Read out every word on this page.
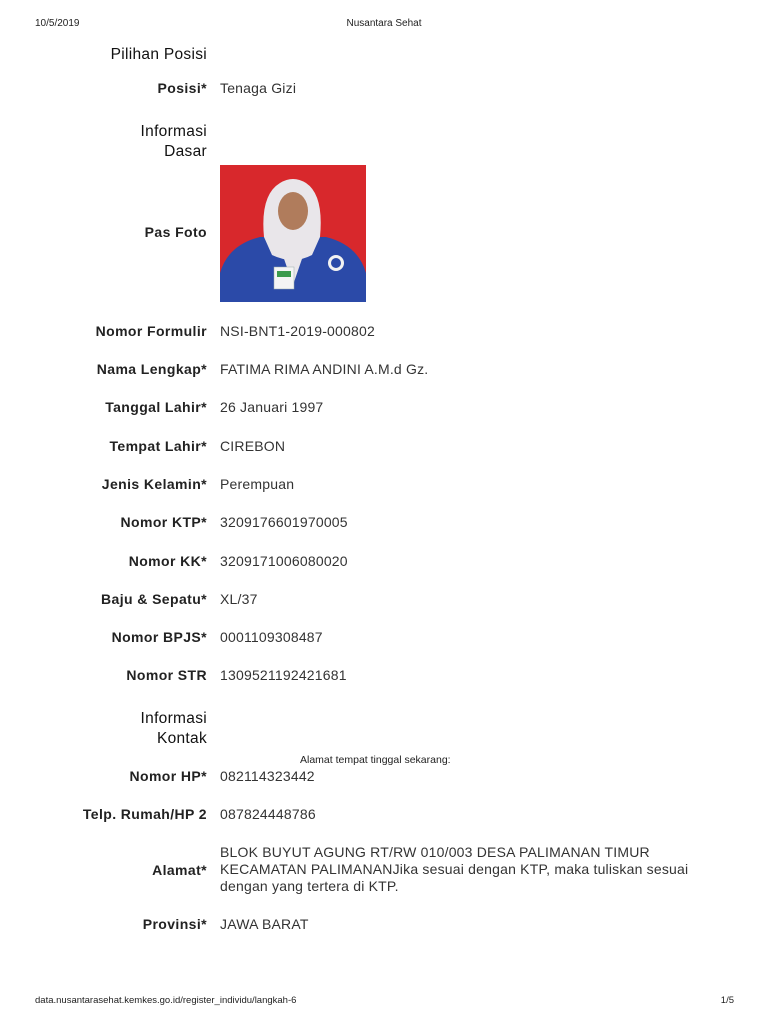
10/5/2019	Nusantara Sehat
Pilihan Posisi
Posisi* Tenaga Gizi
Informasi
Dasar
Pas Foto
Nomor Formulir NSI-BNT1-2019-000802
Nama Lengkap* FATIMA RIMA ANDINI A.M.d Gz.
Tanggal Lahir* 26 Januari 1997
Tempat Lahir* CIREBON
Jenis Kelamin* Perempuan
Nomor KTP* 3209176601970005
Nomor KK* 3209171006080020
Baju & Sepatu* XL/37
Nomor BPJS* 0001109308487
Nomor STR 1309521192421681
Informasi
Kontak
Alamat tempat tinggal sekarang:
Nomor HP* 082114323442
Telp. Rumah/HP 2 087824448786
Alamat*
BLOK BUYUT AGUNG RT/RW 010/003 DESA PALIMANAN TIMUR KECAMATAN PALIMANANJika sesuai dengan KTP, maka tuliskan sesuai dengan yang tertera di KTP.
Provinsi* JAWA BARAT
data.nusantarasehat.kemkes.go.id/register_individu/langkah-6	1/5
